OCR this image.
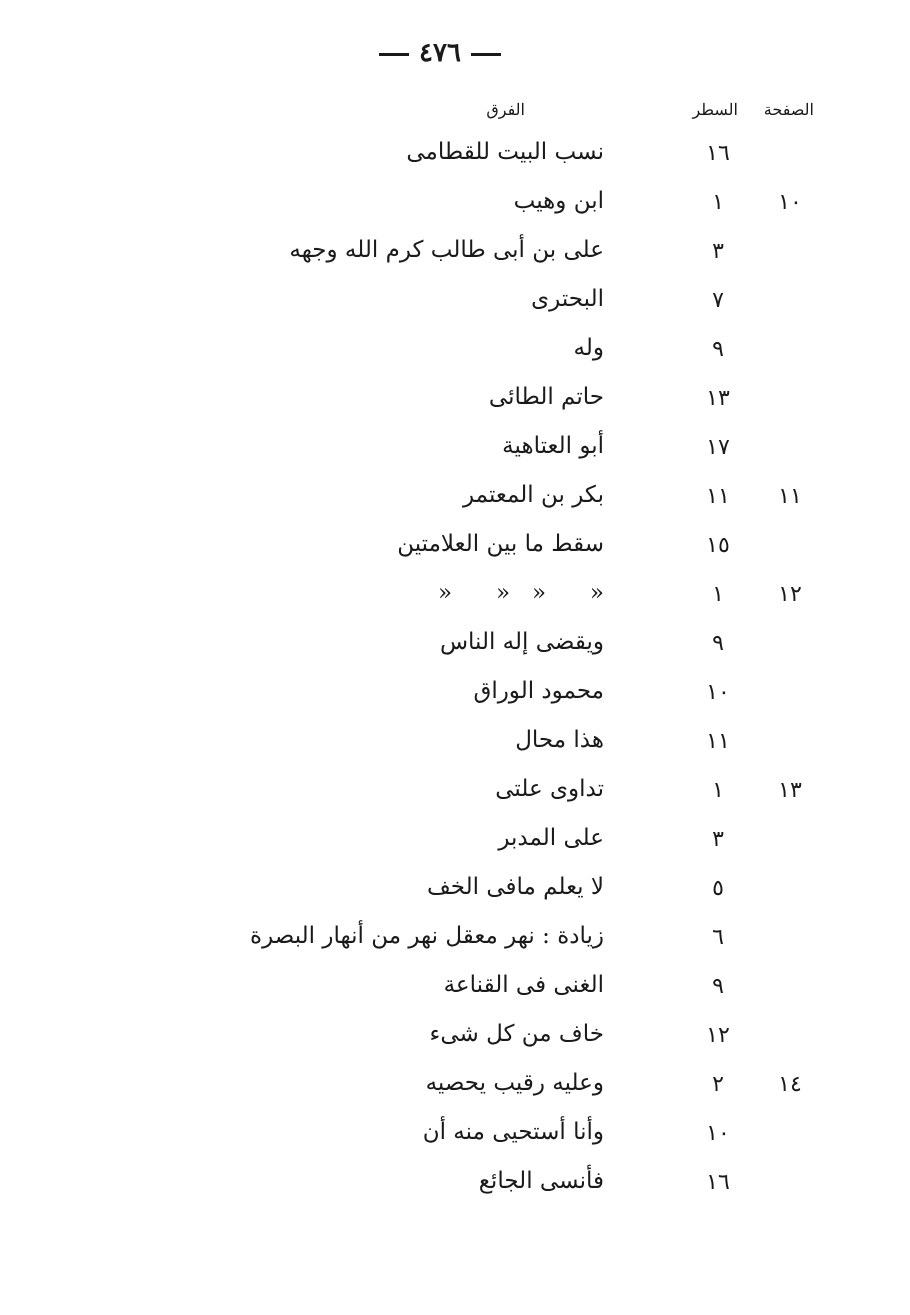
٤٧٦
الصفحة
السطر
الفرق
١٦
نسب البيت للقطامى
١٠
١
ابن وهيب
٣
على بن أبى طالب كرم الله وجهه
٧
البحترى
٩
وله
١٣
حاتم الطائى
١٧
أبو العتاهية
١١
١١
بكر بن المعتمر
١٥
سقط ما بين العلامتين
١٢
١
«      «   «      «
٩
ويقضى إله الناس
١٠
محمود الوراق
١١
هذا محال
١٣
١
تداوى علتى
٣
على المدبر
٥
لا يعلم مافى الخف
٦
زيادة : نهر معقل نهر من أنهار البصرة
٩
الغنى فى القناعة
١٢
خاف من كل شىء
١٤
٢
وعليه رقيب يحصيه
١٠
وأنا أستحيى منه أن
١٦
فأنسى الجائع
